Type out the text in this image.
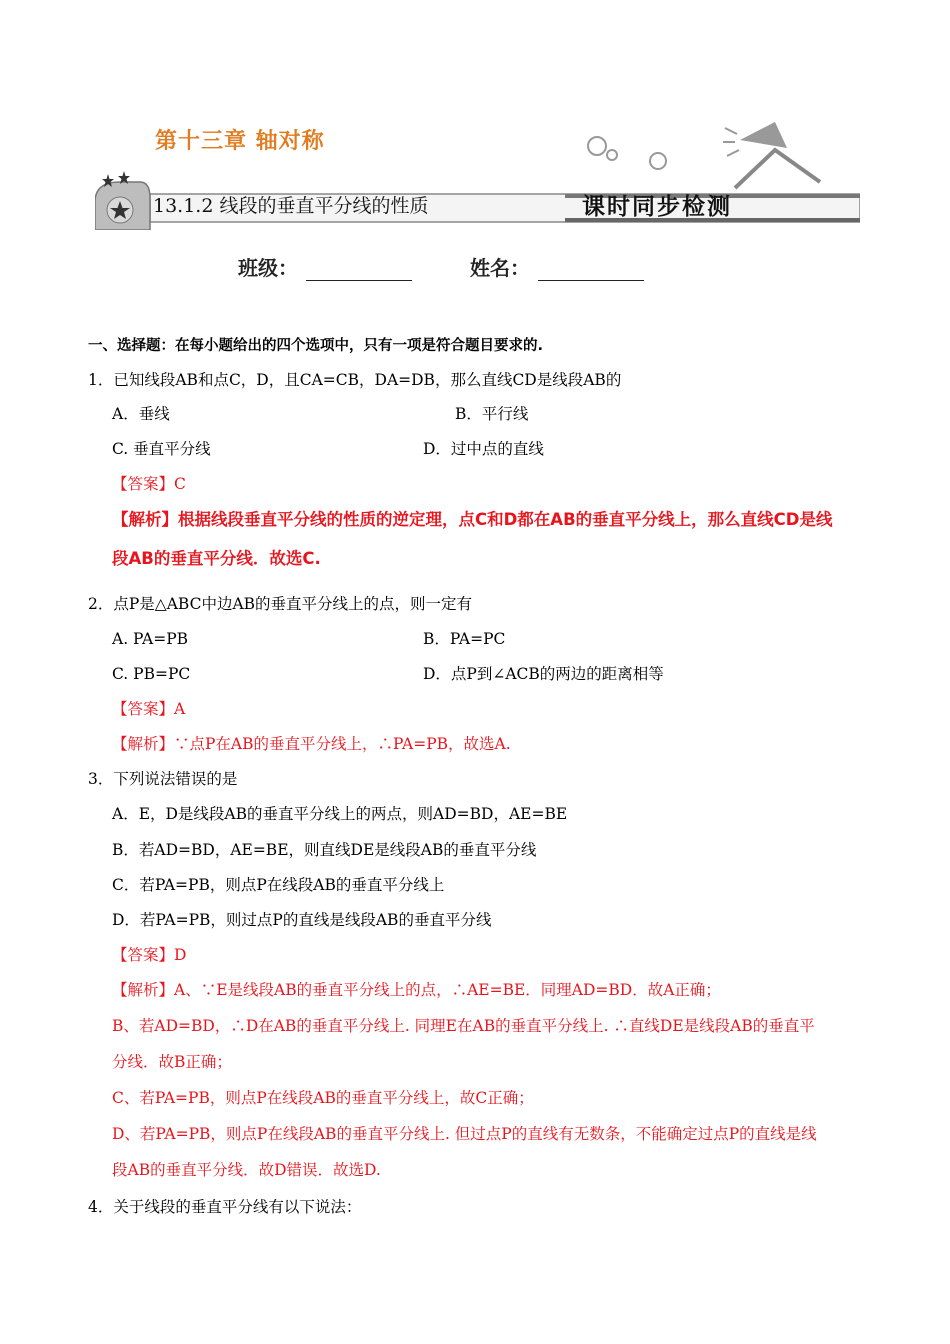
第十三章 轴对称
13.1.2 线段的垂直平分线的性质	课时同步检测
班级：	姓名：
一、选择题：在每小题给出的四个选项中，只有一项是符合题目要求的.
1．已知线段AB和点C，D，且CA=CB，DA=DB，那么直线CD是线段AB的
A．垂线	B．平行线
C. 垂直平分线	D．过中点的直线
【答案】C
【解析】根据线段垂直平分线的性质的逆定理，点C和D都在AB的垂直平分线上，那么直线CD是线
段AB的垂直平分线．故选C.
2．点P是△ABC中边AB的垂直平分线上的点，则一定有
A. PA=PB	B．PA=PC
C. PB=PC	D．点P到∠ACB的两边的距离相等
【答案】A
【解析】∵点P在AB的垂直平分线上，∴PA=PB，故选A.
3．下列说法错误的是
A．E，D是线段AB的垂直平分线上的两点，则AD=BD，AE=BE
B．若AD=BD，AE=BE，则直线DE是线段AB的垂直平分线
C．若PA=PB，则点P在线段AB的垂直平分线上
D．若PA=PB，则过点P的直线是线段AB的垂直平分线
【答案】D
【解析】A、∵E是线段AB的垂直平分线上的点，∴AE=BE．同理AD=BD．故A正确；
B、若AD=BD，∴D在AB的垂直平分线上. 同理E在AB的垂直平分线上. ∴直线DE是线段AB的垂直平
分线．故B正确；
C、若PA=PB，则点P在线段AB的垂直平分线上，故C正确；
D、若PA=PB，则点P在线段AB的垂直平分线上. 但过点P的直线有无数条，不能确定过点P的直线是线
段AB的垂直平分线．故D错误．故选D.
4．关于线段的垂直平分线有以下说法：
